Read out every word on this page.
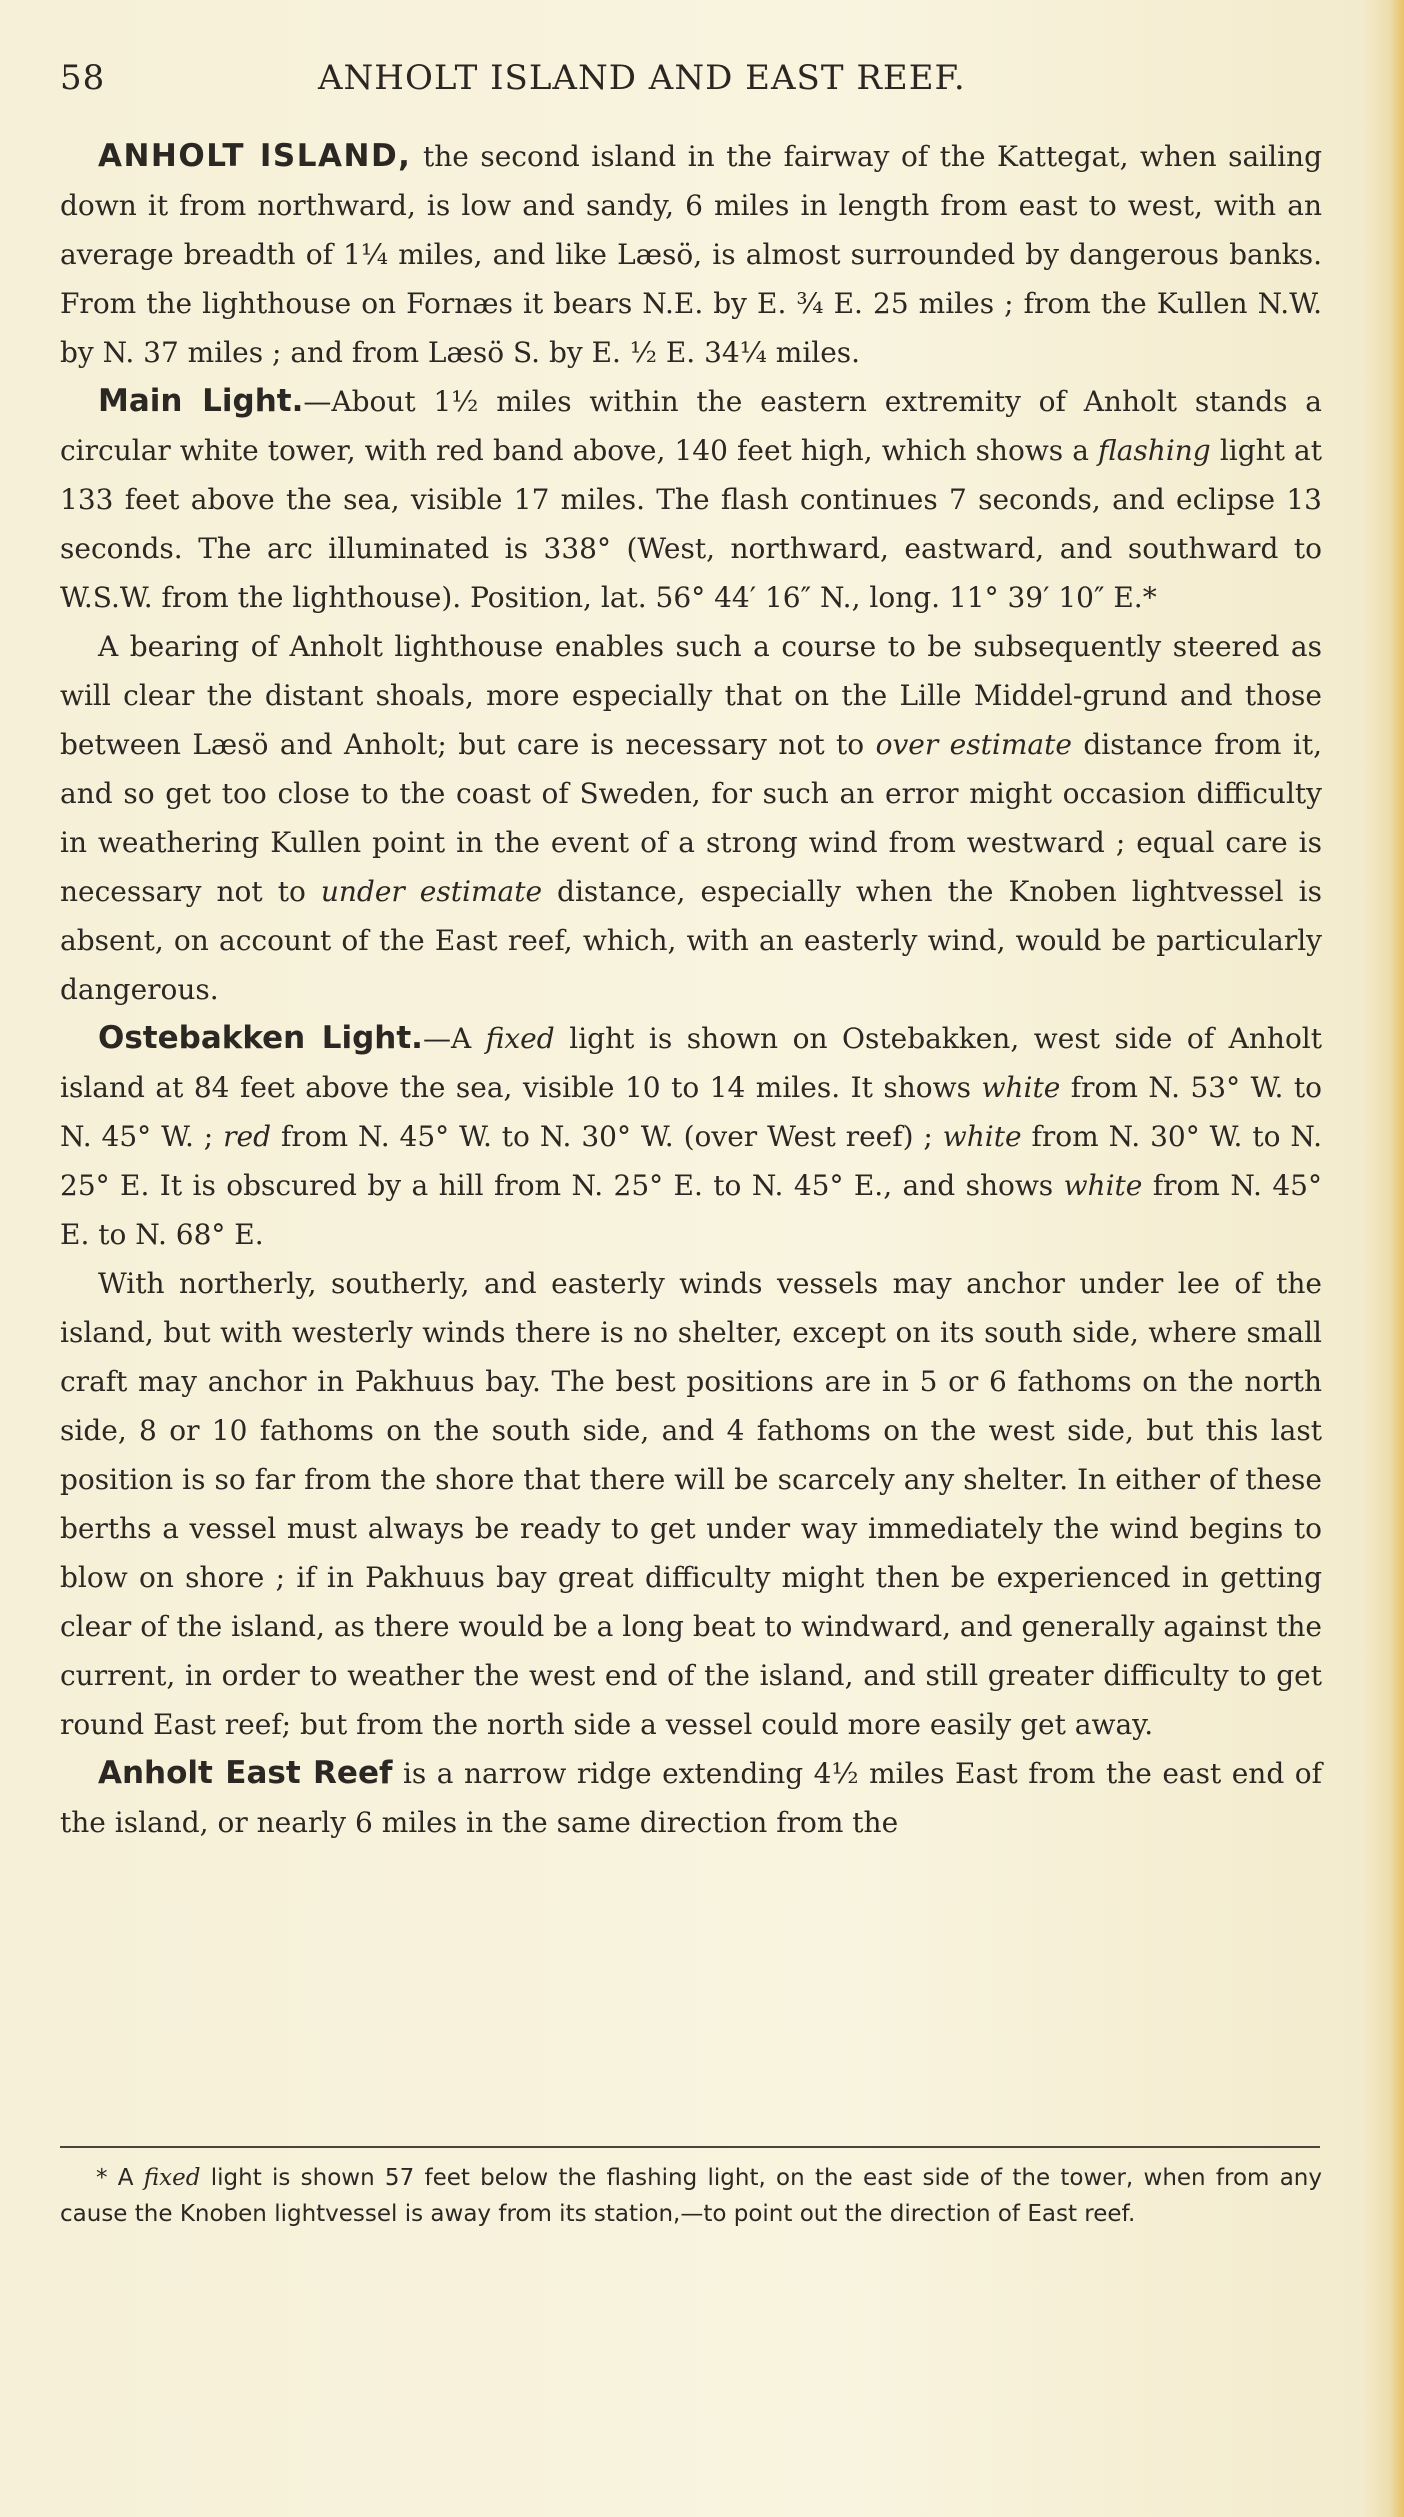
58	ANHOLT ISLAND AND EAST REEF.

ANHOLT ISLAND, the second island in the fairway of the Kattegat, when sailing down it from northward, is low and sandy, 6 miles in length from east to west, with an average breadth of 1¼ miles, and like Læsö, is almost surrounded by dangerous banks. From the lighthouse on Fornæs it bears N.E. by E. ¾ E. 25 miles ; from the Kullen N.W. by N. 37 miles ; and from Læsö S. by E. ½ E. 34¼ miles.

Main Light.—About 1½ miles within the eastern extremity of Anholt stands a circular white tower, with red band above, 140 feet high, which shows a flashing light at 133 feet above the sea, visible 17 miles. The flash continues 7 seconds, and eclipse 13 seconds. The arc illuminated is 338° (West, northward, eastward, and southward to W.S.W. from the lighthouse). Position, lat. 56° 44′ 16″ N., long. 11° 39′ 10″ E.*

A bearing of Anholt lighthouse enables such a course to be subsequently steered as will clear the distant shoals, more especially that on the Lille Middel-grund and those between Læsö and Anholt; but care is necessary not to over estimate distance from it, and so get too close to the coast of Sweden, for such an error might occasion difficulty in weathering Kullen point in the event of a strong wind from westward ; equal care is necessary not to under estimate distance, especially when the Knoben lightvessel is absent, on account of the East reef, which, with an easterly wind, would be particularly dangerous.

Ostebakken Light.—A fixed light is shown on Ostebakken, west side of Anholt island at 84 feet above the sea, visible 10 to 14 miles. It shows white from N. 53° W. to N. 45° W. ; red from N. 45° W. to N. 30° W. (over West reef) ; white from N. 30° W. to N. 25° E. It is obscured by a hill from N. 25° E. to N. 45° E., and shows white from N. 45° E. to N. 68° E.

With northerly, southerly, and easterly winds vessels may anchor under lee of the island, but with westerly winds there is no shelter, except on its south side, where small craft may anchor in Pakhuus bay. The best positions are in 5 or 6 fathoms on the north side, 8 or 10 fathoms on the south side, and 4 fathoms on the west side, but this last position is so far from the shore that there will be scarcely any shelter. In either of these berths a vessel must always be ready to get under way immediately the wind begins to blow on shore ; if in Pakhuus bay great difficulty might then be experienced in getting clear of the island, as there would be a long beat to windward, and generally against the current, in order to weather the west end of the island, and still greater difficulty to get round East reef; but from the north side a vessel could more easily get away.

Anholt East Reef is a narrow ridge extending 4½ miles East from the east end of the island, or nearly 6 miles in the same direction from the

* A fixed light is shown 57 feet below the flashing light, on the east side of the tower, when from any cause the Knoben lightvessel is away from its station,—to point out the direction of East reef.
